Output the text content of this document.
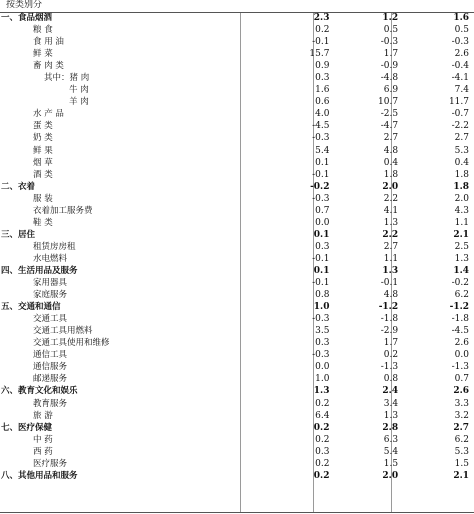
按类别分
一、食品烟酒	2.3	1.2	1.6
粮 食	0.2	0.5	0.5
食 用 油	-0.1	-0.3	-0.3
鲜 菜	15.7	1.7	2.6
畜 肉 类	0.9	-0.9	-0.4
其中：猪 肉	0.3	-4.8	-4.1
牛 肉	1.6	6.9	7.4
羊 肉	0.6	10.7	11.7
水 产 品	4.0	-2.5	-0.7
蛋 类	-4.5	-4.7	-2.2
奶 类	-0.3	2.7	2.7
鲜 果	5.4	4.8	5.3
烟 草	0.1	0.4	0.4
酒 类	-0.1	1.8	1.8
二、衣着	-0.2	2.0	1.8
服 装	-0.3	2.2	2.0
衣着加工服务费	0.7	4.1	4.3
鞋 类	0.0	1.3	1.1
三、居住	0.1	2.2	2.1
租赁房房租	0.3	2.7	2.5
水电燃料	-0.1	1.1	1.3
四、生活用品及服务	0.1	1.3	1.4
家用器具	-0.1	-0.1	-0.2
家庭服务	0.8	4.8	6.2
五、交通和通信	1.0	-1.2	-1.2
交通工具	-0.3	-1.8	-1.8
交通工具用燃料	3.5	-2.9	-4.5
交通工具使用和维修	0.3	1.7	2.6
通信工具	-0.3	0.2	0.0
通信服务	0.0	-1.3	-1.3
邮递服务	1.0	0.8	0.7
六、教育文化和娱乐	1.3	2.4	2.6
教育服务	0.2	3.4	3.3
旅 游	6.4	1.3	3.2
七、医疗保健	0.2	2.8	2.7
中 药	0.2	6.3	6.2
西 药	0.3	5.4	5.3
医疗服务	0.2	1.5	1.5
八、其他用品和服务	0.2	2.0	2.1
